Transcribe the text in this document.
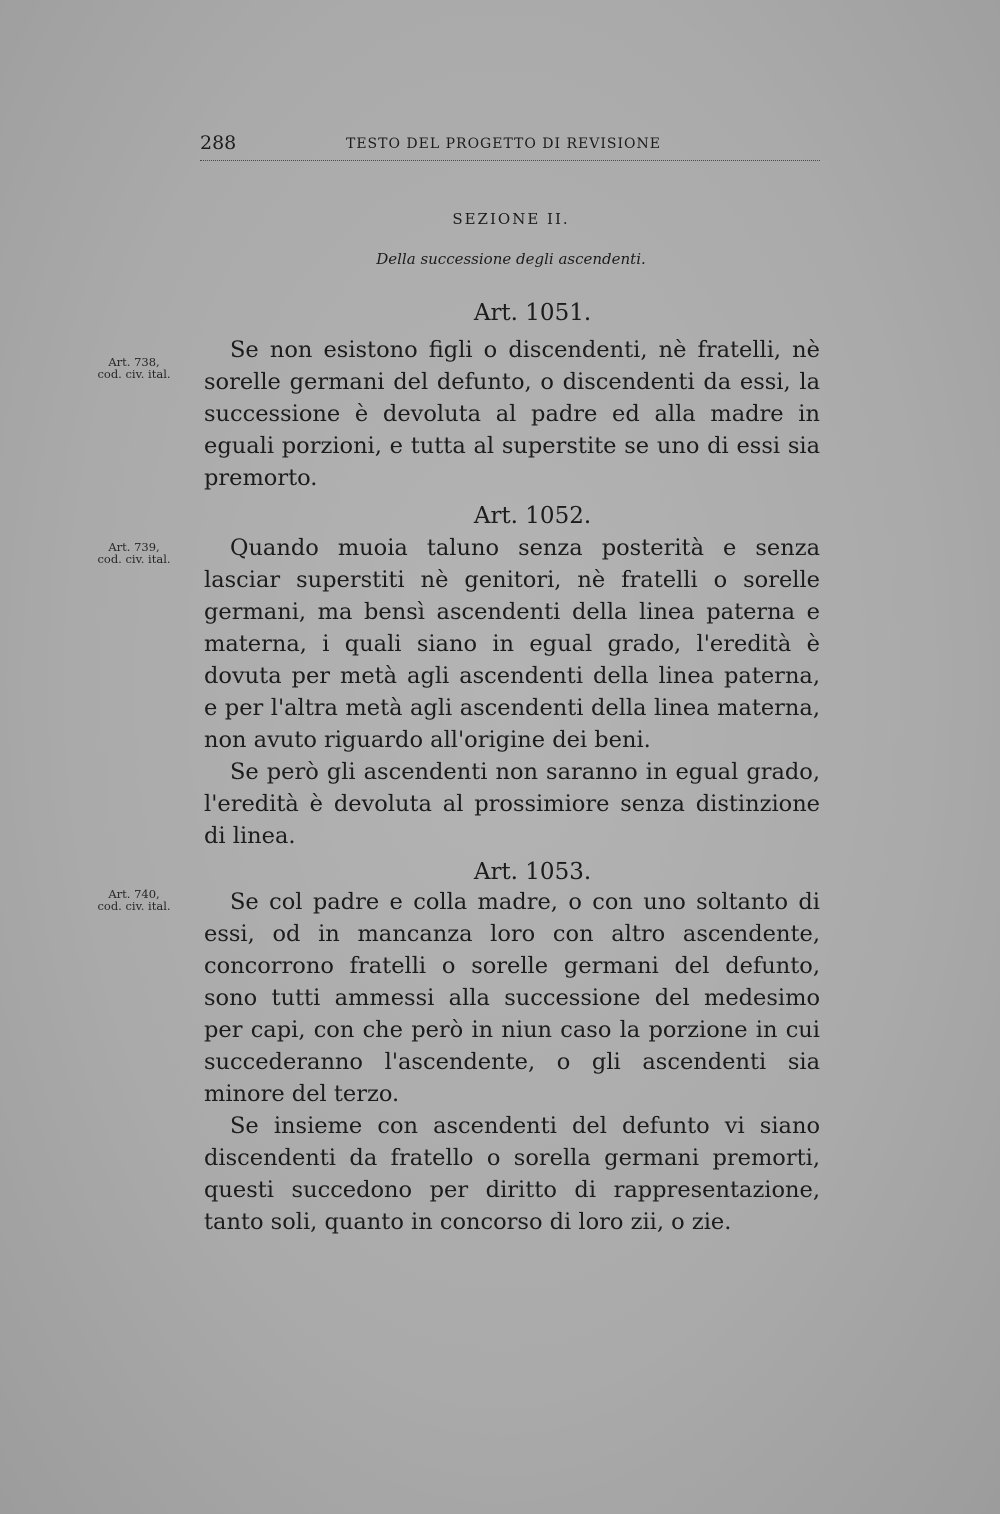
288	TESTO DEL PROGETTO DI REVISIONE
SEZIONE II.
Della successione degli ascendenti.
Art. 738,
cod. civ. ital.
Art. 1051.

Se non esistono figli o discendenti, nè fratelli, nè sorelle germani del defunto, o discendenti da essi, la successione è devoluta al padre ed alla madre in eguali porzioni, e tutta al superstite se uno di essi sia premorto.

Art. 739,
cod. civ. ital.
Art. 1052.

Quando muoia taluno senza posterità e senza lasciar superstiti nè genitori, nè fratelli o sorelle germani, ma bensì ascendenti della linea paterna e materna, i quali siano in egual grado, l'eredità è dovuta per metà agli ascendenti della linea paterna, e per l'altra metà agli ascendenti della linea materna, non avuto riguardo all'origine dei beni.

Se però gli ascendenti non saranno in egual grado, l'eredità è devoluta al prossimiore senza distinzione di linea.

Art. 740,
cod. civ. ital.
Art. 1053.

Se col padre e colla madre, o con uno soltanto di essi, od in mancanza loro con altro ascendente, concorrono fratelli o sorelle germani del defunto, sono tutti ammessi alla successione del medesimo per capi, con che però in niun caso la porzione in cui succederanno l'ascendente, o gli ascendenti sia minore del terzo.

Se insieme con ascendenti del defunto vi siano discendenti da fratello o sorella germani premorti, questi succedono per diritto di rappresentazione, tanto soli, quanto in concorso di loro zii, o zie.
